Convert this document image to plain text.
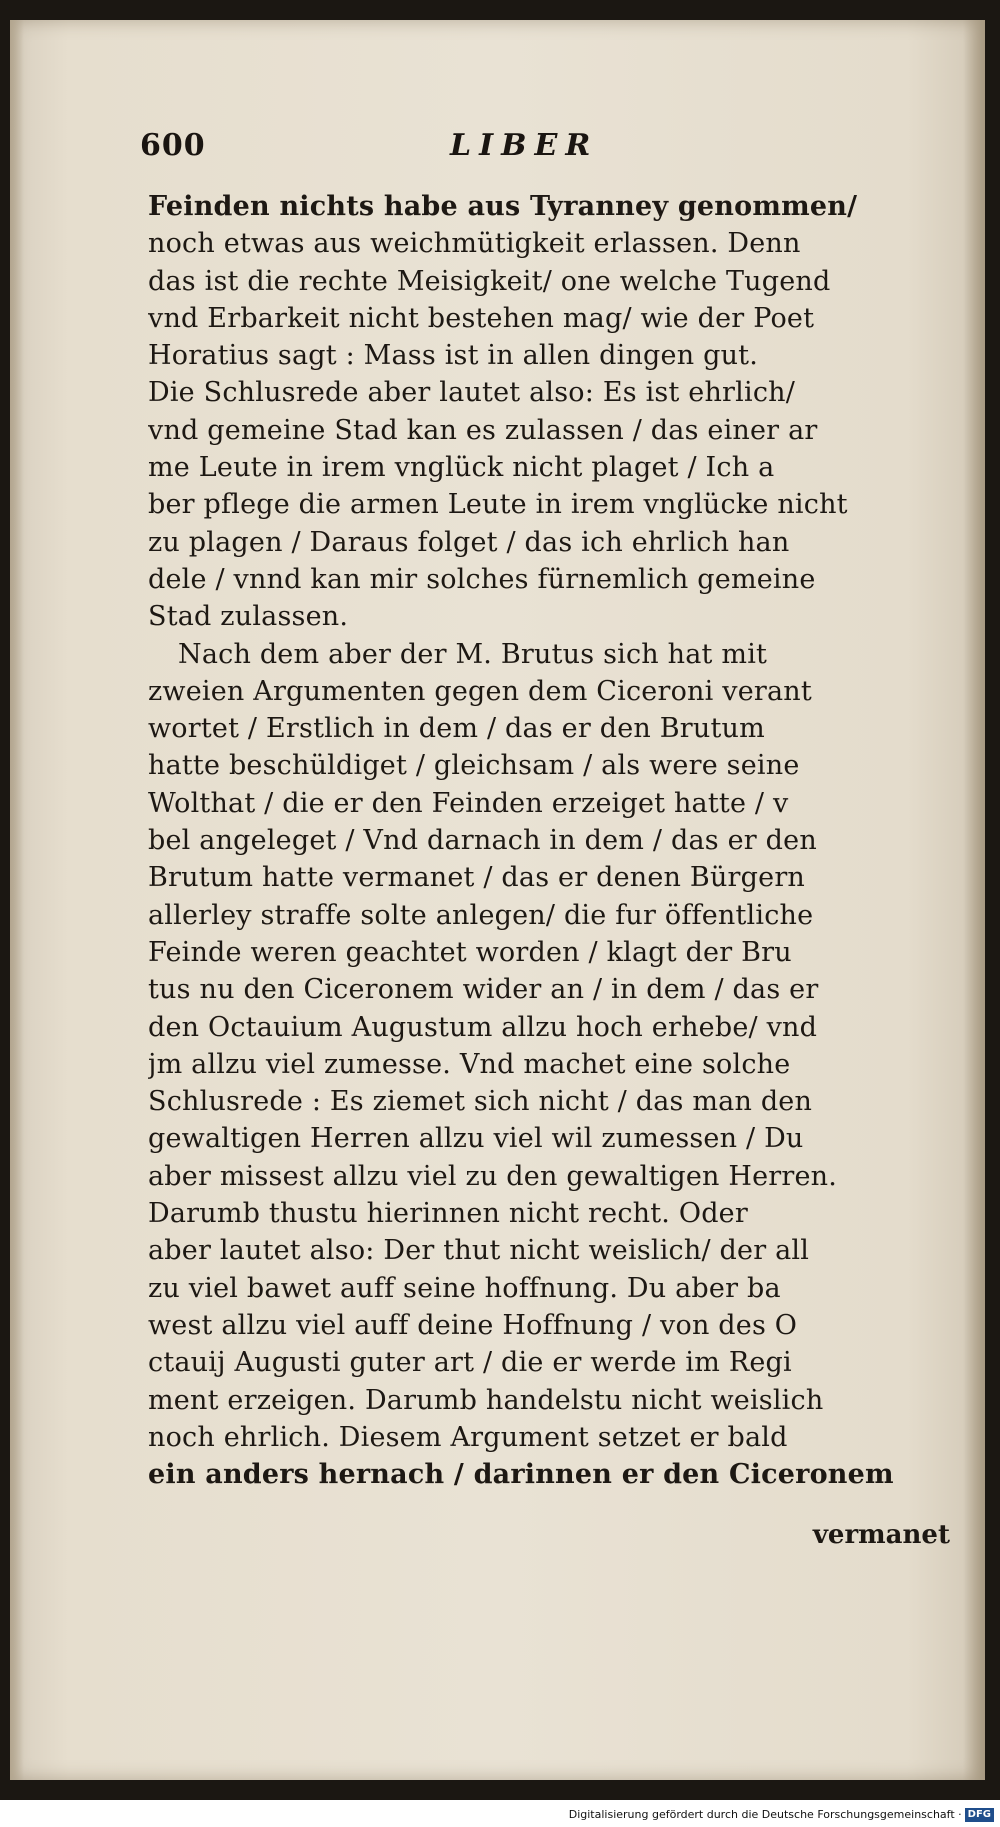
600	LIBER
Feinden nichts habe aus Tyranney genommen/
noch etwas aus weichmütigkeit erlassen. Denn
das ist die rechte Meisigkeit/ one welche Tugend
vnd Erbarkeit nicht bestehen mag/ wie der Poet
Horatius sagt : Mass ist in allen dingen gut.
Die Schlusrede aber lautet also: Es ist ehrlich/
vnd gemeine Stad kan es zulassen / das einer ar
me Leute in irem vnglück nicht plaget / Ich a
ber pflege die armen Leute in irem vnglücke nicht
zu plagen / Daraus folget / das ich ehrlich han
dele / vnnd kan mir solches fürnemlich gemeine
Stad zulassen.
Nach dem aber der M. Brutus sich hat mit
zweien Argumenten gegen dem Ciceroni verant
wortet / Erstlich in dem / das er den Brutum
hatte beschüldiget / gleichsam / als were seine
Wolthat / die er den Feinden erzeiget hatte / v
bel angeleget / Vnd darnach in dem / das er den
Brutum hatte vermanet / das er denen Bürgern
allerley straffe solte anlegen/ die fur öffentliche
Feinde weren geachtet worden / klagt der Bru
tus nu den Ciceronem wider an / in dem / das er
den Octauium Augustum allzu hoch erhebe/ vnd
jm allzu viel zumesse. Vnd machet eine solche
Schlusrede : Es ziemet sich nicht / das man den
gewaltigen Herren allzu viel wil zumessen / Du
aber missest allzu viel zu den gewaltigen Herren.
Darumb thustu hierinnen nicht recht. Oder
aber lautet also: Der thut nicht weislich/ der all
zu viel bawet auff seine hoffnung. Du aber ba
west allzu viel auff deine Hoffnung / von des O
ctauij Augusti guter art / die er werde im Regi
ment erzeigen. Darumb handelstu nicht weislich
noch ehrlich. Diesem Argument setzet er bald
ein anders hernach / darinnen er den Ciceronem
vermanet
Digitalisierung gefördert durch die Deutsche Forschungsgemeinschaft · DFG
